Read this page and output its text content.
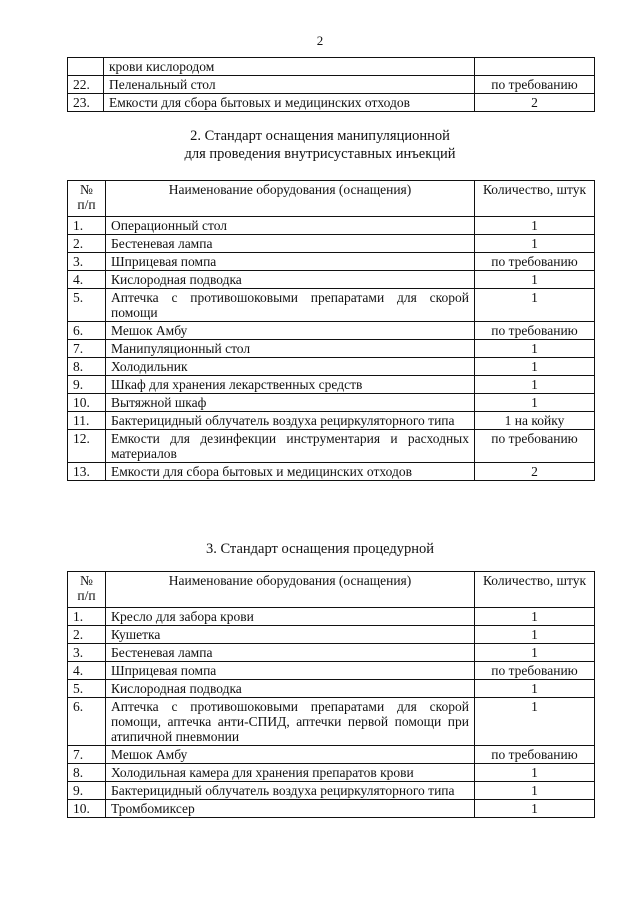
2
	крови кислородом	
22.	Пеленальный стол	по требованию
23.	Емкости для сбора бытовых и медицинских отходов	2
2. Стандарт оснащения манипуляционной
для проведения внутрисуставных инъекций
№ п/п	Наименование оборудования (оснащения)	Количество, штук
1.	Операционный стол	1
2.	Бестеневая лампа	1
3.	Шприцевая помпа	по требованию
4.	Кислородная подводка	1
5.	Аптечка с противошоковыми препаратами для скорой помощи	1
6.	Мешок Амбу	по требованию
7.	Манипуляционный стол	1
8.	Холодильник	1
9.	Шкаф для хранения лекарственных средств	1
10.	Вытяжной шкаф	1
11.	Бактерицидный облучатель воздуха рециркуляторного типа	1 на койку
12.	Емкости для дезинфекции инструментария и расходных материалов	по требованию
13.	Емкости для сбора бытовых и медицинских отходов	2
3. Стандарт оснащения процедурной
№ п/п	Наименование оборудования (оснащения)	Количество, штук
1.	Кресло для забора крови	1
2.	Кушетка	1
3.	Бестеневая лампа	1
4.	Шприцевая помпа	по требованию
5.	Кислородная подводка	1
6.	Аптечка с противошоковыми препаратами для скорой помощи, аптечка анти-СПИД, аптечки первой помощи при атипичной пневмонии	1
7.	Мешок Амбу	по требованию
8.	Холодильная камера для хранения препаратов крови	1
9.	Бактерицидный облучатель воздуха рециркуляторного типа	1
10.	Тромбомиксер	1
